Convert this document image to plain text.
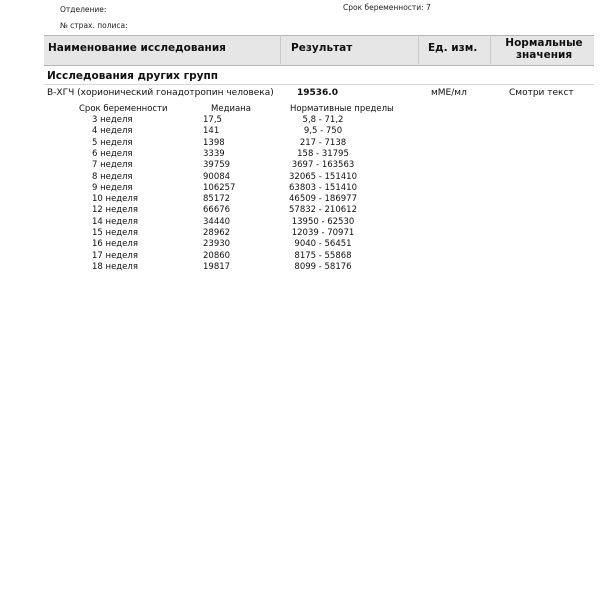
Отделение:	Срок беременности: 7
№ страх. полиса:
Наименование исследования	Результат	Ед. изм.	Нормальные
значения
Исследования других групп
В-ХГЧ (хорионический гонадотропин человека)	19536.0	мМЕ/мл	Смотри текст
Срок беременности	Медиана	Нормативные пределы
3 неделя	17,5	5,8 - 71,2
4 неделя	141	9,5 - 750
5 неделя	1398	217 - 7138
6 неделя	3339	158 - 31795
7 неделя	39759	3697 - 163563
8 неделя	90084	32065 - 151410
9 неделя	106257	63803 - 151410
10 неделя	85172	46509 - 186977
12 неделя	66676	57832 - 210612
14 неделя	34440	13950 - 62530
15 неделя	28962	12039 - 70971
16 неделя	23930	9040 - 56451
17 неделя	20860	8175 - 55868
18 неделя	19817	8099 - 58176
